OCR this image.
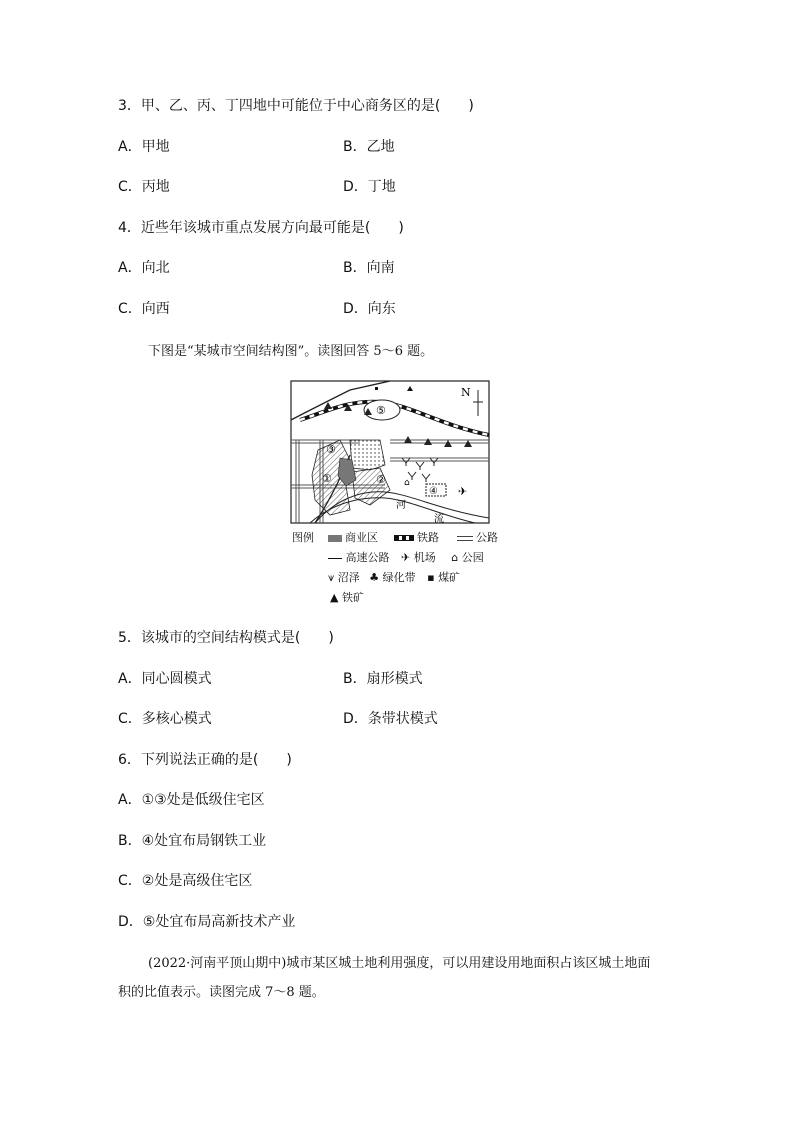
3．甲、乙、丙、丁四地中可能位于中心商务区的是(　　)
A．甲地	B．乙地
C．丙地	D．丁地
4．近些年该城市重点发展方向最可能是(　　)
A．向北	B．向南
C．向西	D．向东
下图是“某城市空间结构图”。读图回答 5～6 题。
⌂
✈
N
①	②
③
④
⑤
河
流
图例	商业区	铁路	公路
高速公路 ✈ 机场 ⌂ 公园
⩛ 沼泽 ♣ 绿化带 ▪ 煤矿
▲ 铁矿
5．该城市的空间结构模式是(　　)
A．同心圆模式	B．扇形模式
C．多核心模式	D．条带状模式
6．下列说法正确的是(　　)
A．①③处是低级住宅区
B．④处宜布局钢铁工业
C．②处是高级住宅区
D．⑤处宜布局高新技术产业
(2022·河南平顶山期中)城市某区城土地利用强度，可以用建设用地面积占该区城土地面
积的比值表示。读图完成 7～8 题。
